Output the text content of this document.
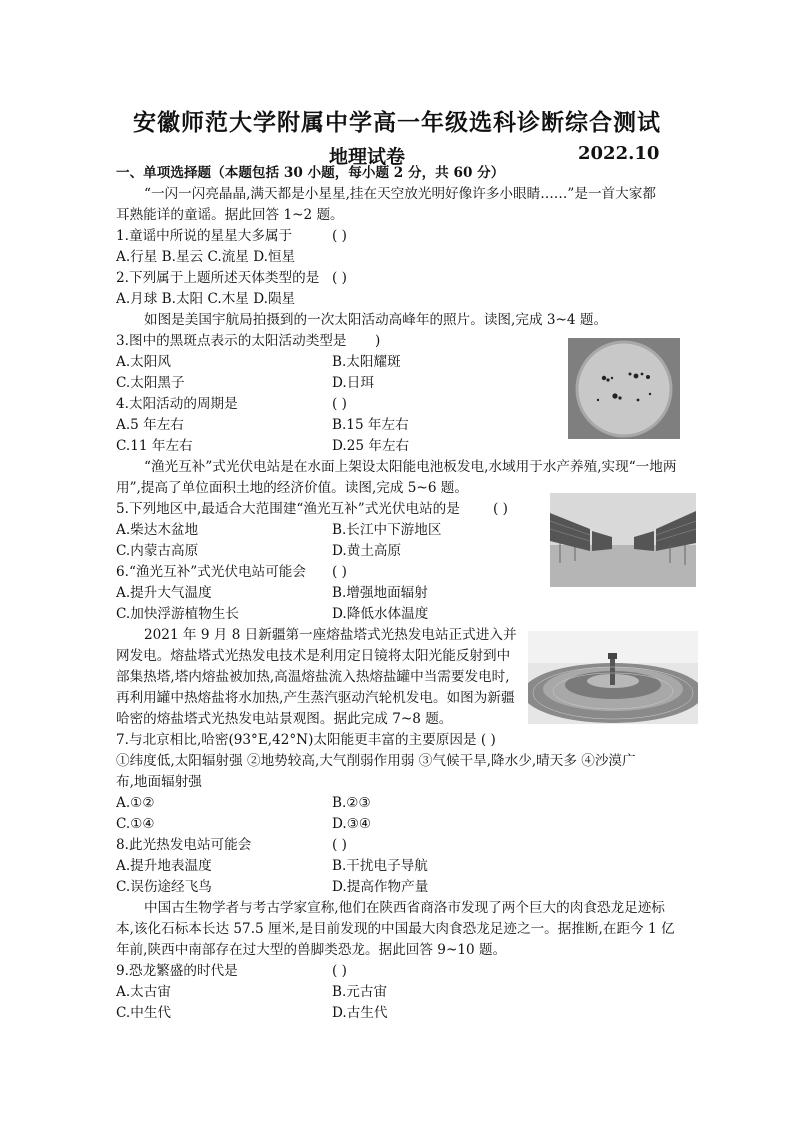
安徽师范大学附属中学高一年级选科诊断综合测试
地理试卷	2022.10
一、单项选择题（本题包括 30 小题，每小题 2 分，共 60 分）
“一闪一闪亮晶晶,满天都是小星星,挂在天空放光明好像许多小眼睛……”是一首大家都
耳熟能详的童谣。据此回答 1~2 题。
1.童谣中所说的星星大多属于	( )
A.行星 B.星云 C.流星 D.恒星
2.下列属于上题所述天体类型的是 ( )
A.月球 B.太阳 C.木星 D.陨星
如图是美国宇航局拍摄到的一次太阳活动高峰年的照片。读图,完成 3~4 题。
3.图中的黑斑点表示的太阳活动类型是 )
A.太阳风	B.太阳耀斑
C.太阳黑子	D.日珥
4.太阳活动的周期是	( )
A.5 年左右	B.15 年左右
C.11 年左右	D.25 年左右
“渔光互补”式光伏电站是在水面上架设太阳能电池板发电,水域用于水产养殖,实现“一地两
用”,提高了单位面积土地的经济价值。读图,完成 5~6 题。
5.下列地区中,最适合大范围建“渔光互补”式光伏电站的是 ( )
A.柴达木盆地	B.长江中下游地区
C.内蒙古高原	D.黄土高原
6.“渔光互补”式光伏电站可能会 ( )
A.提升大气温度	B.增强地面辐射
C.加快浮游植物生长	D.降低水体温度
2021 年 9 月 8 日新疆第一座熔盐塔式光热发电站正式进入并
网发电。熔盐塔式光热发电技术是利用定日镜将太阳光能反射到中
部集热塔,塔内熔盐被加热,高温熔盐流入热熔盐罐中当需要发电时,
再利用罐中热熔盐将水加热,产生蒸汽驱动汽轮机发电。如图为新疆
哈密的熔盐塔式光热发电站景观图。据此完成 7~8 题。
7.与北京相比,哈密(93°E,42°N)太阳能更丰富的主要原因是 ( )
①纬度低,太阳辐射强 ②地势较高,大气削弱作用弱 ③气候干旱,降水少,晴天多 ④沙漠广
布,地面辐射强
A.①②	B.②③
C.①④	D.③④
8.此光热发电站可能会	( )
A.提升地表温度	B.干扰电子导航
C.误伤途经飞鸟	D.提高作物产量
中国古生物学者与考古学家宣称,他们在陕西省商洛市发现了两个巨大的肉食恐龙足迹标
本,该化石标本长达 57.5 厘米,是目前发现的中国最大肉食恐龙足迹之一。据推断,在距今 1 亿
年前,陕西中南部存在过大型的兽脚类恐龙。据此回答 9~10 题。
9.恐龙繁盛的时代是	( )
A.太古宙	B.元古宙
C.中生代	D.古生代
